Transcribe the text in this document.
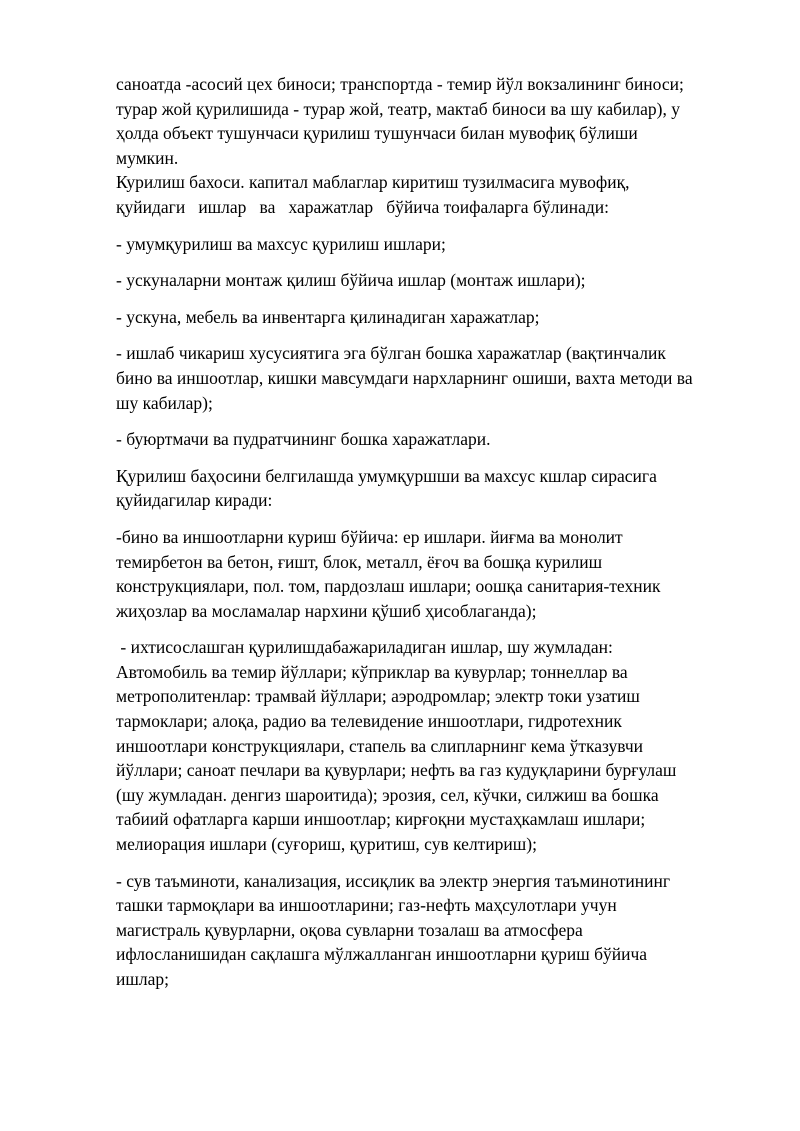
саноатда -асосий цех биноси; транспортда - темир йўл вокзалининг биноси;
турар жой қурилишида - турар жой, театр, мактаб биноси ва шу кабилар), у
ҳолда объект тушунчаси қурилиш тушунчаси билан мувофиқ бўлиши
мумкин.

Курилиш бахоси. капитал маблаглар киритиш тузилмасига мувофиқ,
қуйидаги   ишлар   ва   харажатлар   бўйича тоифаларга бўлинади:

- умумқурилиш ва махсус қурилиш ишлари;

- ускуналарни монтаж қилиш бўйича ишлар (монтаж ишлари);

- ускуна, мебель ва инвентарга қилинадиган харажатлар;

- ишлаб чикариш хусусиятига эга бўлган бошка харажатлар (вақтинчалик
бино ва иншоотлар, кишки мавсумдаги нархларнинг ошиши, вахта методи ва
шу кабилар);

- буюртмачи ва пудратчининг бошка харажатлари.

Қурилиш баҳосини белгилашда умумқуршши ва махсус кшлар сирасига
қуйидагилар киради:

-бино ва иншоотларни куриш бўйича: ер ишлари. йиғма ва монолит
темирбетон ва бетон, ғишт, блок, металл, ёғоч ва бошқа курилиш
конструкциялари, пол. том, пардозлаш ишлари; оошқа санитария-техник
жиҳозлар ва мосламалар нархини қўшиб ҳисоблаганда);

- ихтисослашган қурилишдабажариладиган ишлар, шу жумладан:
Автомобиль ва темир йўллари; кўприклар ва кувурлар; тоннеллар ва
метрополитенлар: трамвай йўллари; аэродромлар; электр токи узатиш
тармоклари; алоқа, радио ва телевидение иншоотлари, гидротехник
иншоотлари конструкциялари, стапель ва слипларнинг кема ўтказувчи
йўллари; саноат печлари ва қувурлари; нефть ва газ кудуқларини бурғулаш
(шу жумладан. денгиз шароитида); эрозия, сел, кўчки, силжиш ва бошка
табиий офатларга карши иншоотлар; кирғоқни мустаҳкамлаш ишлари;
мелиорация ишлари (суғориш, қуритиш, сув келтириш);

- сув таъминоти, канализация, иссиқлик ва электр энергия таъминотининг
ташки тармоқлари ва иншоотларини; газ-нефть маҳсулотлари учун
магистраль қувурларни, оқова сувларни тозалаш ва атмосфера
ифлосланишидан сақлашга мўлжалланган иншоотларни қуриш бўйича
ишлар;
